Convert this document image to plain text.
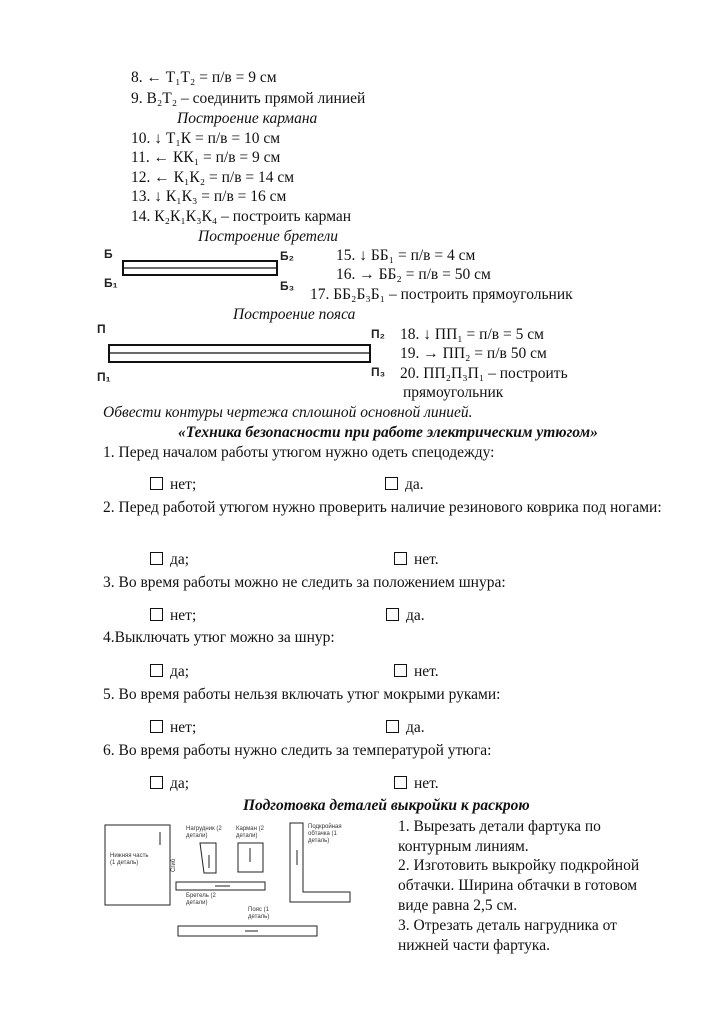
8. ← T₁T₂ = п/в = 9 см
9. В₂Т₂ – соединить прямой линией
Построение кармана
10. ↓ Т₁К = п/в = 10 см
11. ← КК₁ = п/в = 9 см
12. ← К₁К₂ = п/в = 14 см
13. ↓ К₁К₃ = п/в = 16 см
14. К₂К₁К₃К₄ – построить карман
Построение бретели
Б
Б₁
Б₂
Б₃
15. ↓ ББ₁ = п/в = 4 см
16. → ББ₂ = п/в = 50 см
17. ББ₂Б₃Б₁ – построить прямоугольник
Построение пояса
П
П₁
П₂
П₃
18. ↓ ПП₁ = п/в = 5 см
19. → ПП₂ = п/в 50 см
20. ПП₂П₃П₁ – построить
прямоугольник
Обвести контуры чертежа сплошной основной линией.
«Техника безопасности при работе электрическим утюгом»
1. Перед началом работы утюгом нужно одеть спецодежду:
нет;	да.
2. Перед работой утюгом нужно проверить наличие резинового коврика под ногами:
да;	нет.
3. Во время работы можно не следить за положением шнура:
нет;	да.
4.Выключать утюг можно за шнур:
да;	нет.
5. Во время работы нельзя включать утюг мокрыми руками:
нет;	да.
6. Во время работы нужно следить за температурой утюга:
да;	нет.
Подготовка деталей выкройки к раскрою
Нижняя часть (1 деталь)	Сгиб
Нагрудник (2 детали)
Карман (2 детали)
Подкройная обтачка (1 деталь)
Бретель (2 детали)
Пояс (1 деталь)
1. Вырезать детали фартука по
контурным линиям.
2. Изготовить выкройку подкройной
обтачки. Ширина обтачки в готовом
виде равна 2,5 см.
3. Отрезать деталь нагрудника от
нижней части фартука.
